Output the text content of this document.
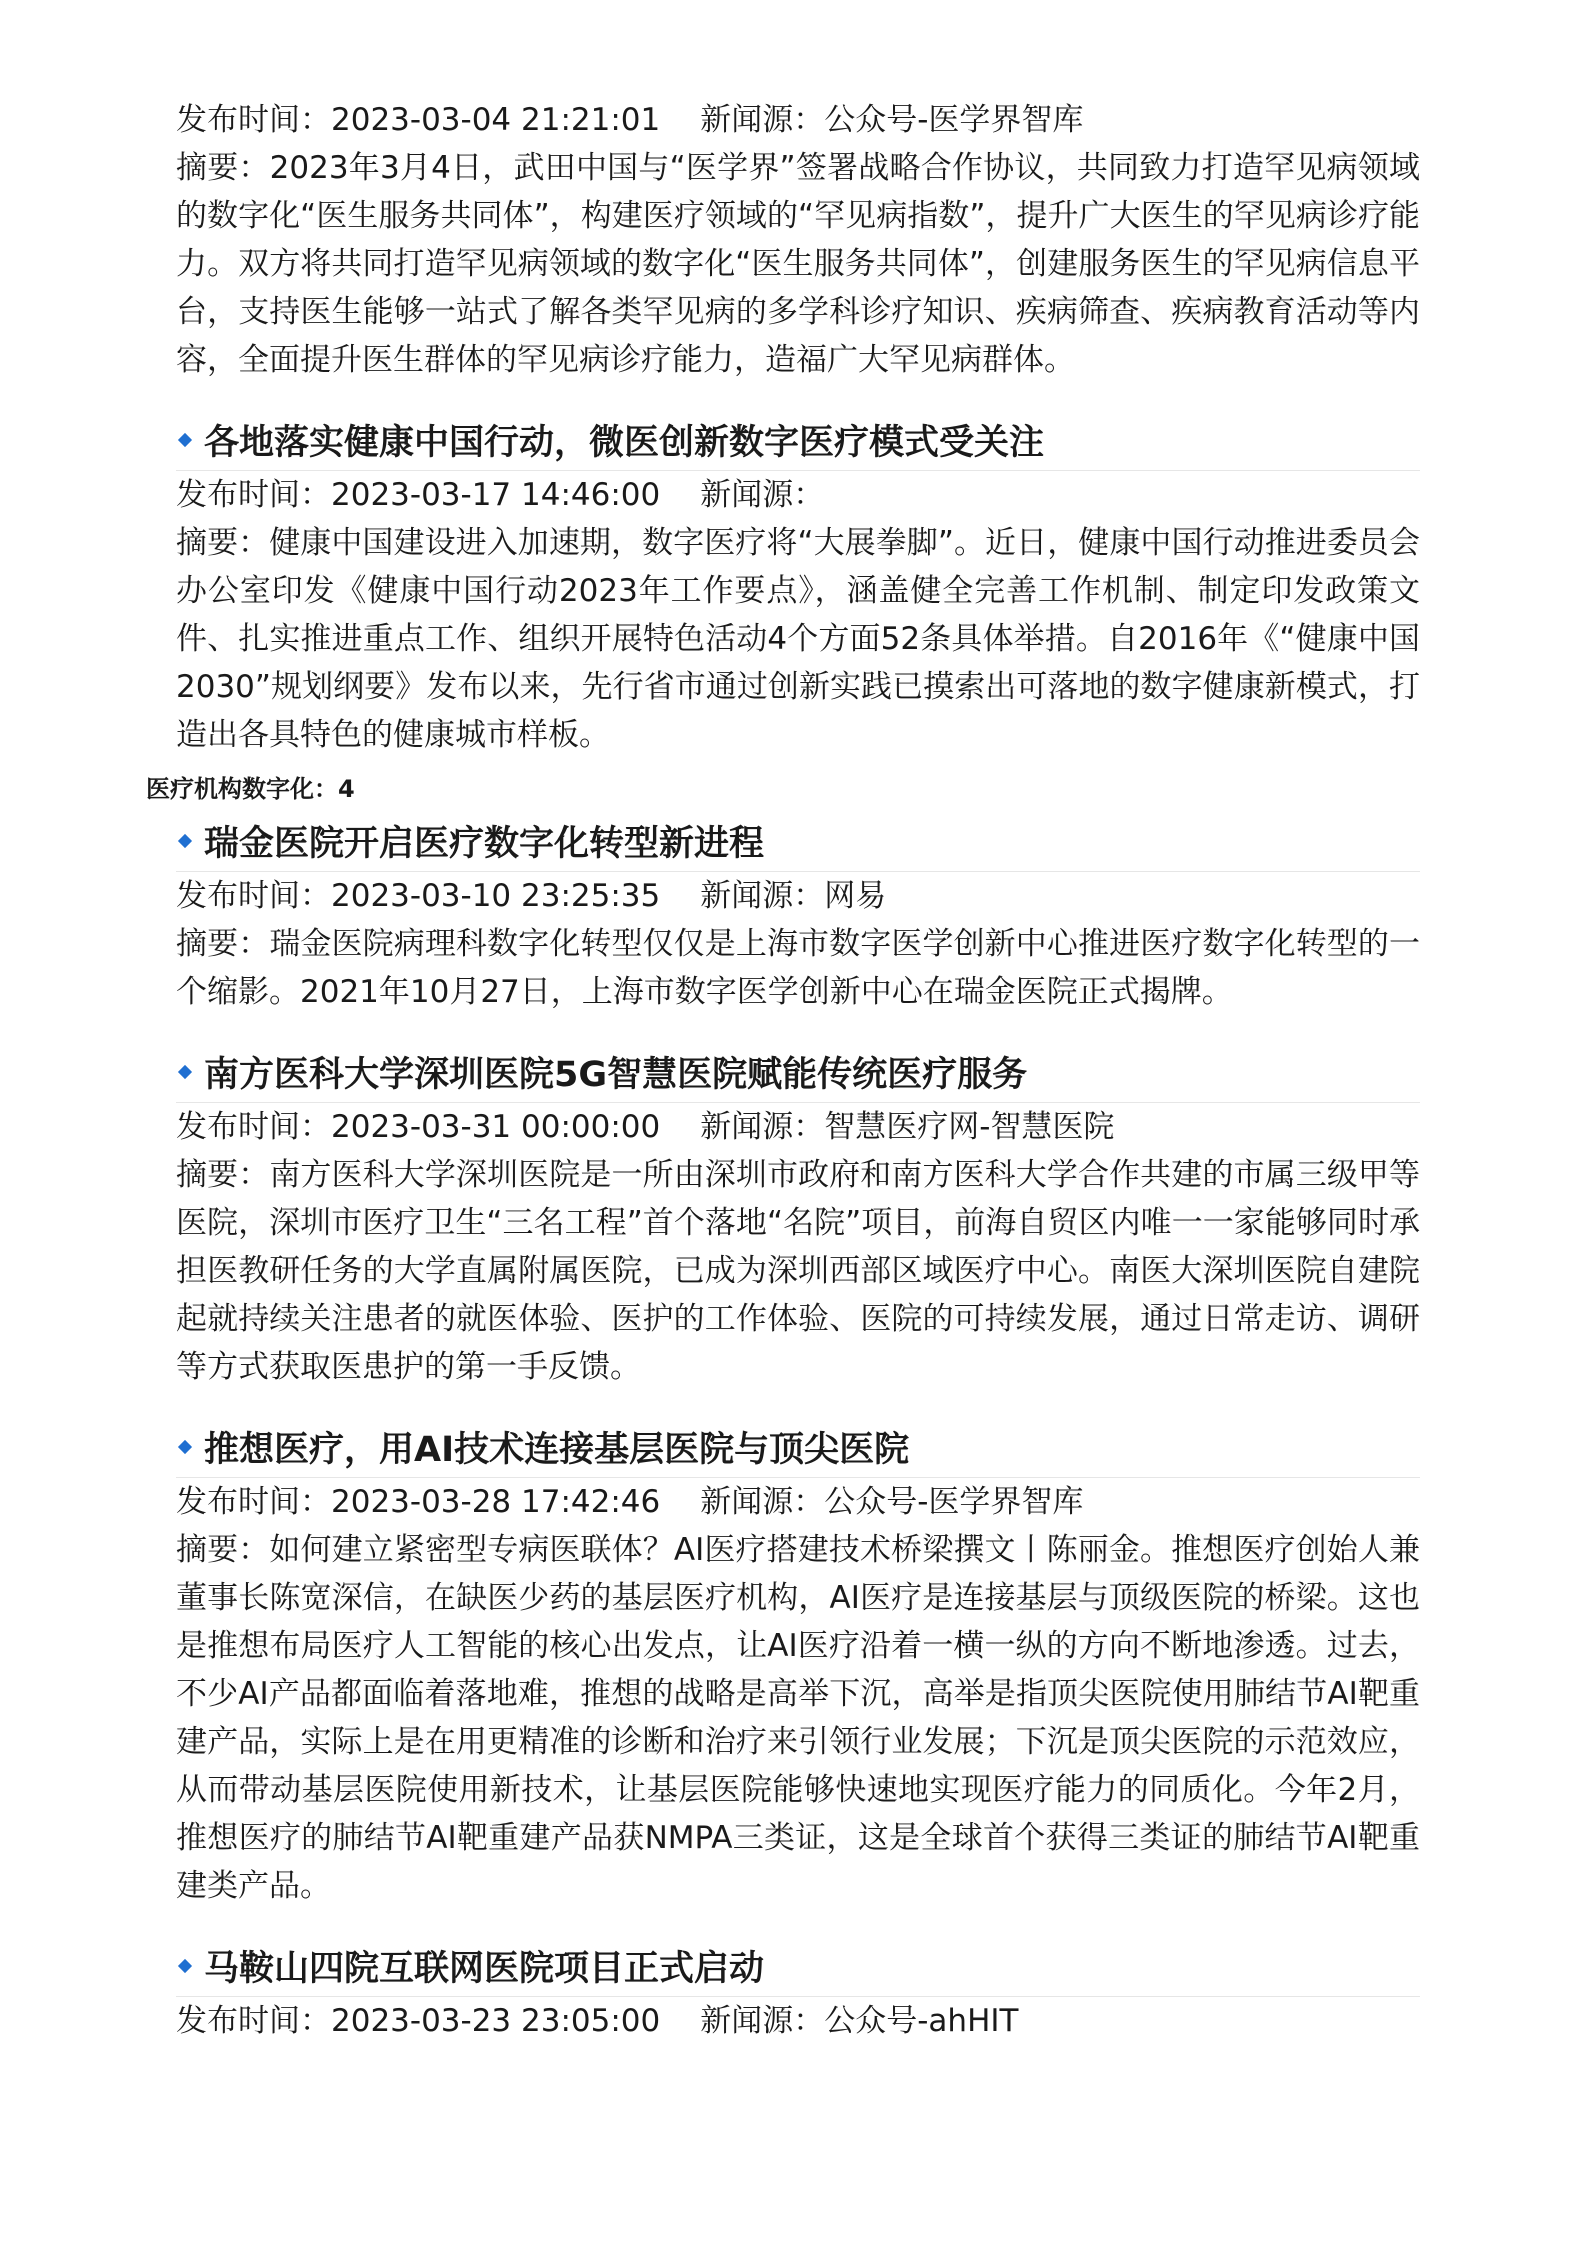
发布时间：2023-03-04 21:21:01 新闻源：公众号-医学界智库

摘要：2023年3月4日，武田中国与“医学界”签署战略合作协议，共同致力打造罕见病领域的数字化“医生服务共同体”，构建医疗领域的“罕见病指数”，提升广大医生的罕见病诊疗能力。双方将共同打造罕见病领域的数字化“医生服务共同体”，创建服务医生的罕见病信息平台，支持医生能够一站式了解各类罕见病的多学科诊疗知识、疾病筛查、疾病教育活动等内容，全面提升医生群体的罕见病诊疗能力，造福广大罕见病群体。

各地落实健康中国行动，微医创新数字医疗模式受关注
发布时间：2023-03-17 14:46:00 新闻源：

摘要：健康中国建设进入加速期，数字医疗将“大展拳脚”。近日，健康中国行动推进委员会办公室印发《健康中国行动2023年工作要点》，涵盖健全完善工作机制、制定印发政策文件、扎实推进重点工作、组织开展特色活动4个方面52条具体举措。自2016年《“健康中国2030”规划纲要》发布以来，先行省市通过创新实践已摸索出可落地的数字健康新模式，打造出各具特色的健康城市样板。

医疗机构数字化：4
瑞金医院开启医疗数字化转型新进程
发布时间：2023-03-10 23:25:35 新闻源：网易

摘要：瑞金医院病理科数字化转型仅仅是上海市数字医学创新中心推进医疗数字化转型的一个缩影。2021年10月27日，上海市数字医学创新中心在瑞金医院正式揭牌。

南方医科大学深圳医院5G智慧医院赋能传统医疗服务
发布时间：2023-03-31 00:00:00 新闻源：智慧医疗网-智慧医院

摘要：南方医科大学深圳医院是一所由深圳市政府和南方医科大学合作共建的市属三级甲等医院，深圳市医疗卫生“三名工程”首个落地“名院”项目，前海自贸区内唯一一家能够同时承担医教研任务的大学直属附属医院，已成为深圳西部区域医疗中心。南医大深圳医院自建院起就持续关注患者的就医体验、医护的工作体验、医院的可持续发展，通过日常走访、调研等方式获取医患护的第一手反馈。

推想医疗，用AI技术连接基层医院与顶尖医院
发布时间：2023-03-28 17:42:46 新闻源：公众号-医学界智库

摘要：如何建立紧密型专病医联体？AI医疗搭建技术桥梁撰文丨陈丽金。推想医疗创始人兼董事长陈宽深信，在缺医少药的基层医疗机构，AI医疗是连接基层与顶级医院的桥梁。这也是推想布局医疗人工智能的核心出发点，让AI医疗沿着一横一纵的方向不断地渗透。过去，不少AI产品都面临着落地难，推想的战略是高举下沉，高举是指顶尖医院使用肺结节AI靶重建产品，实际上是在用更精准的诊断和治疗来引领行业发展；下沉是顶尖医院的示范效应，从而带动基层医院使用新技术，让基层医院能够快速地实现医疗能力的同质化。今年2月，推想医疗的肺结节AI靶重建产品获NMPA三类证，这是全球首个获得三类证的肺结节AI靶重建类产品。

马鞍山四院互联网医院项目正式启动
发布时间：2023-03-23 23:05:00 新闻源：公众号-ahHIT
